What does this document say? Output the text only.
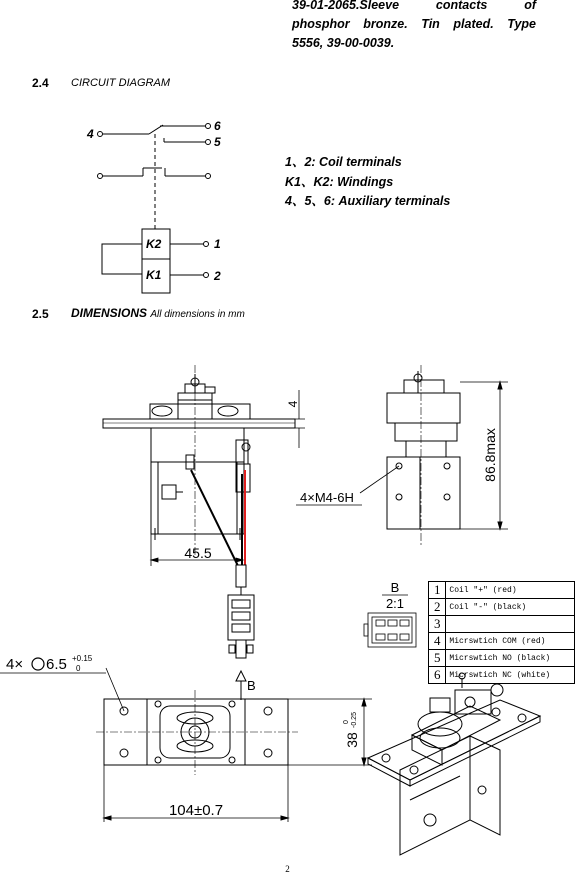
39-01-2065.Sleeve contacts of
phosphor bronze. Tin plated. Type
5556, 39-00-0039.
2.4 CIRCUIT DIAGRAM
4
6
5
K2
K1
1
2
B
4
45.5
86.8max
4×M4-6H
B
2:1
4× 6.5 +0.15
0
104±0.7
38
0 -0.25
1、2: Coil terminals
K1、K2: Windings
4、5、6: Auxiliary terminals
2.5 DIMENSIONS All dimensions in mm
1	Coil "+" (red)
2	Coil "-" (black)
3	
4	Micrswtich COM (red)
5	Micrswtich NO (black)
6	Micrswtich NC (white)
2
